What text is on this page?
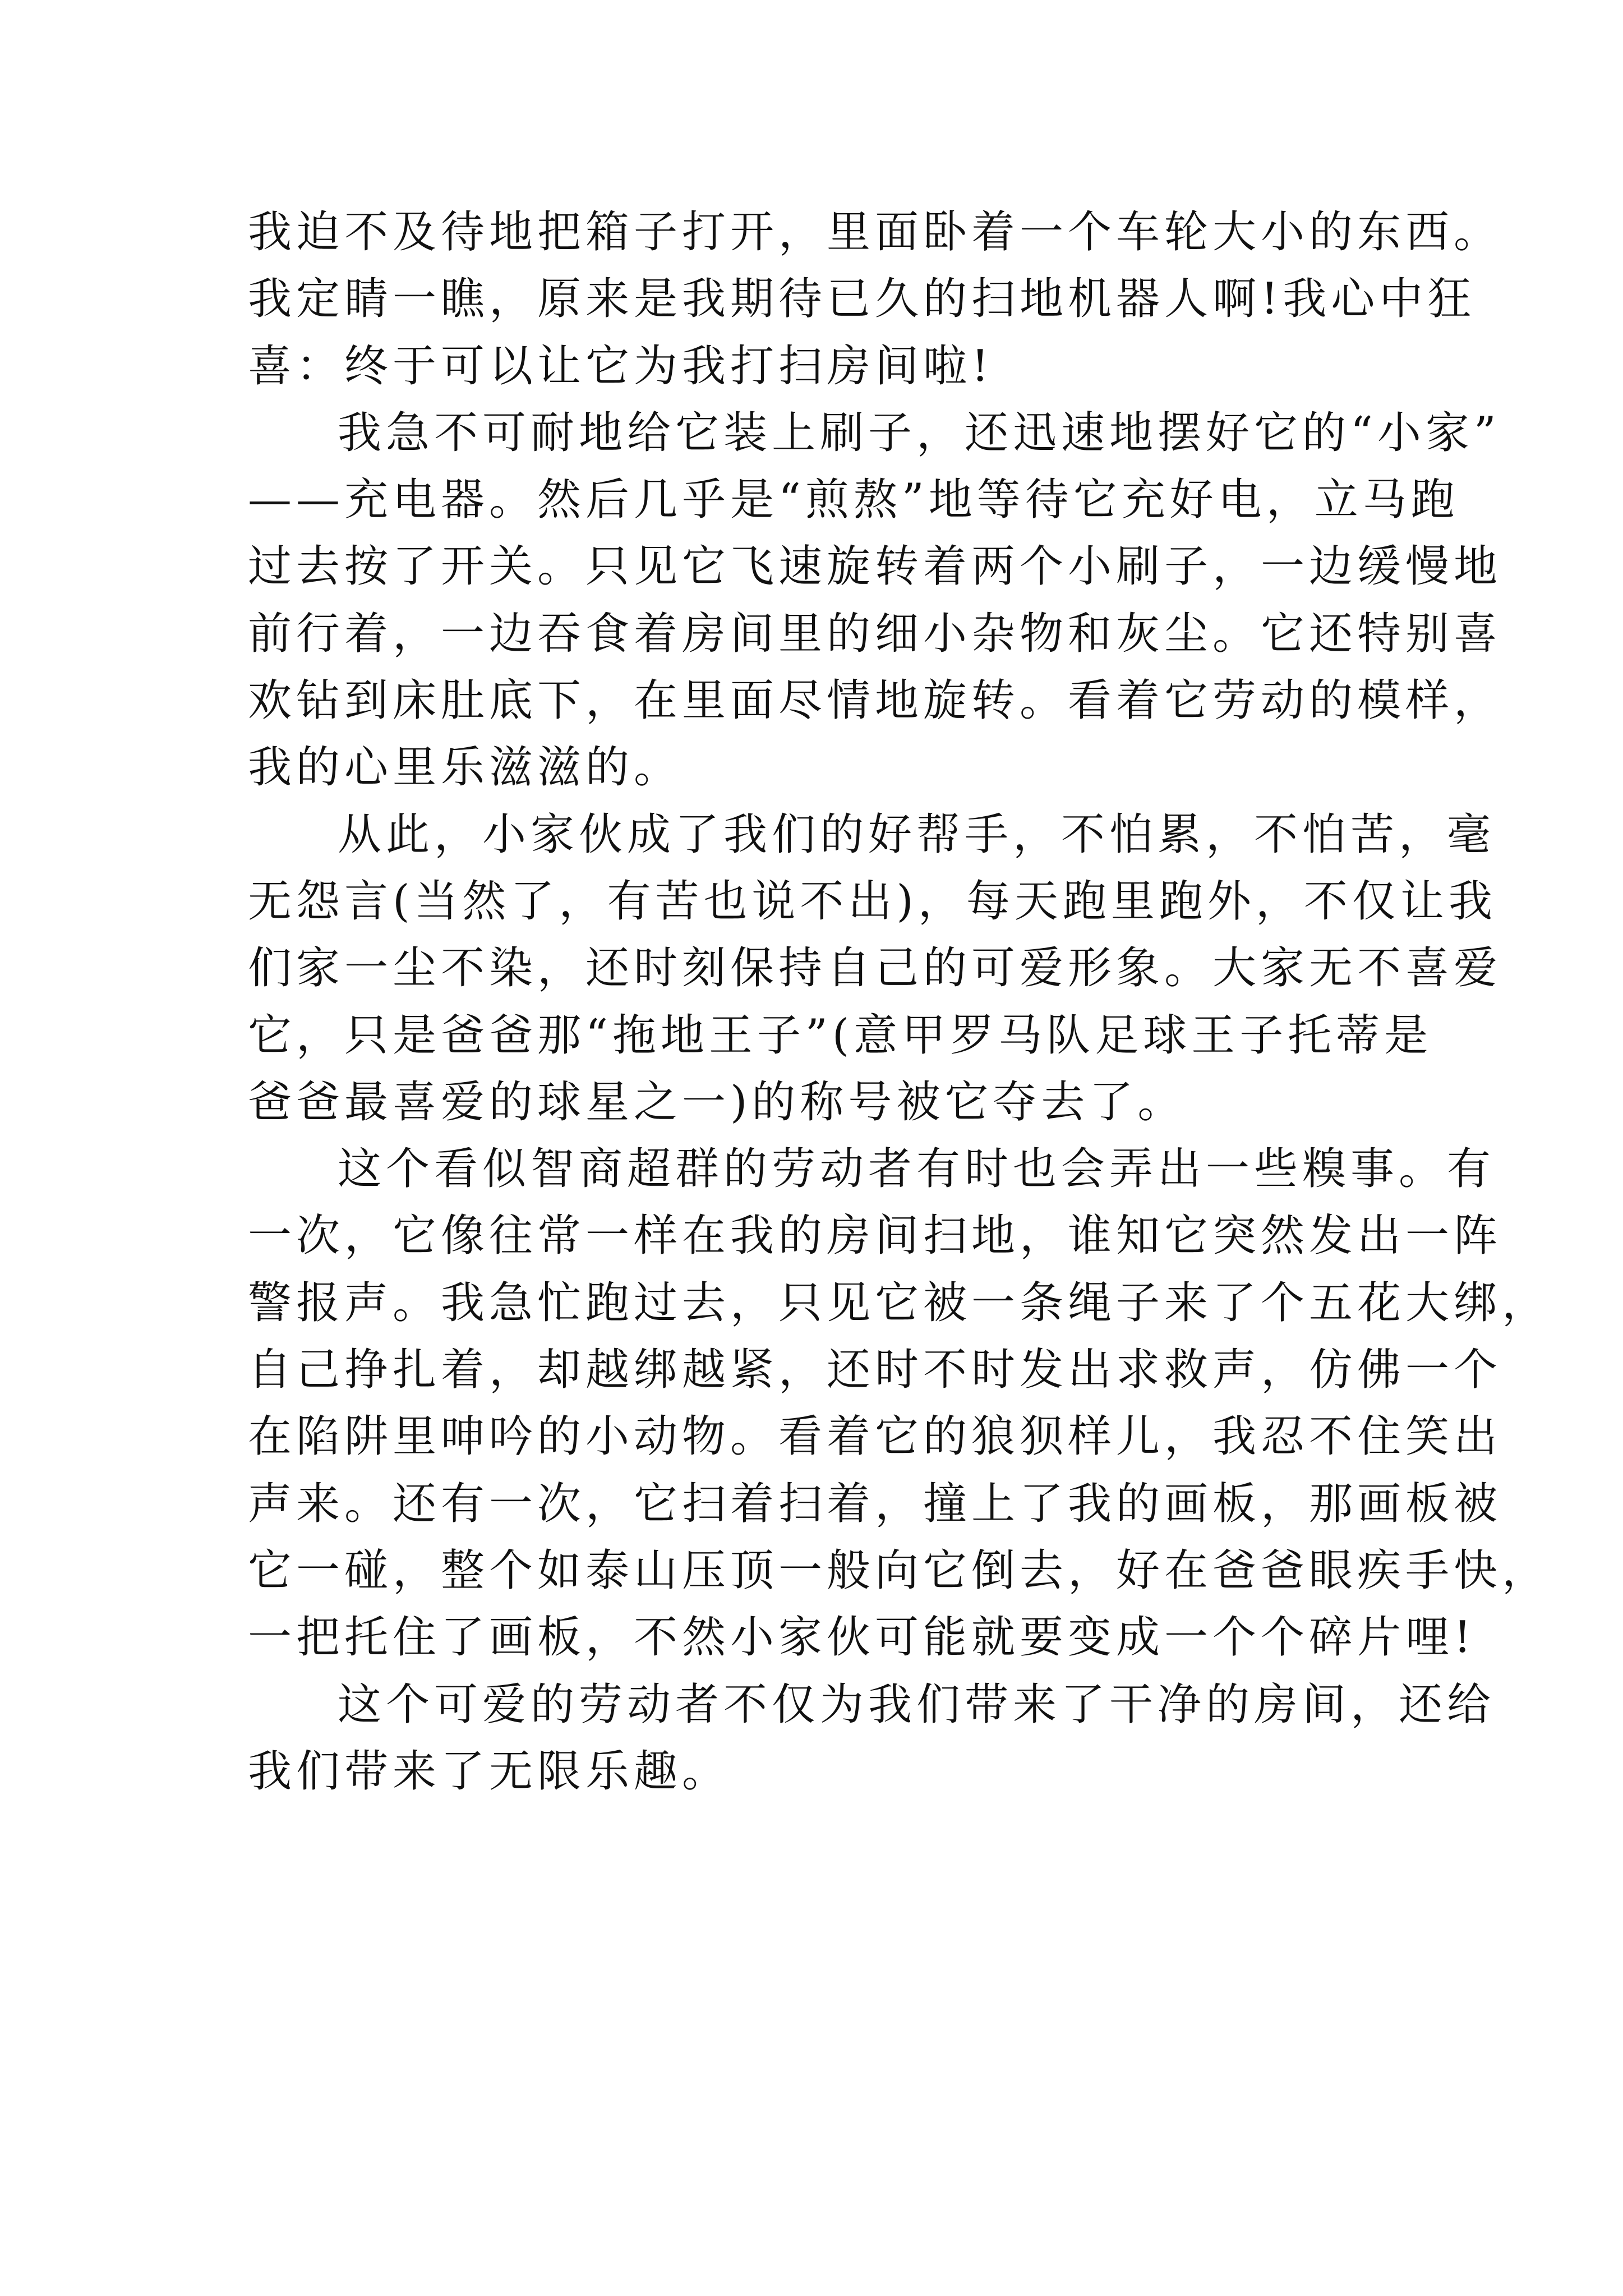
我迫不及待地把箱子打开，里面卧着一个车轮大小的东西。
我定睛一瞧，原来是我期待已久的扫地机器人啊!我心中狂
喜：终于可以让它为我打扫房间啦!
我急不可耐地给它装上刷子，还迅速地摆好它的“小家”
——充电器。然后几乎是“煎熬”地等待它充好电，立马跑
过去按了开关。只见它飞速旋转着两个小刷子，一边缓慢地
前行着，一边吞食着房间里的细小杂物和灰尘。它还特别喜
欢钻到床肚底下，在里面尽情地旋转。看着它劳动的模样，
我的心里乐滋滋的。
从此，小家伙成了我们的好帮手，不怕累，不怕苦，毫
无怨言(当然了，有苦也说不出)，每天跑里跑外，不仅让我
们家一尘不染，还时刻保持自己的可爱形象。大家无不喜爱
它，只是爸爸那“拖地王子”(意甲罗马队足球王子托蒂是
爸爸最喜爱的球星之一)的称号被它夺去了。
这个看似智商超群的劳动者有时也会弄出一些糗事。有
一次，它像往常一样在我的房间扫地，谁知它突然发出一阵
警报声。我急忙跑过去，只见它被一条绳子来了个五花大绑，
自己挣扎着，却越绑越紧，还时不时发出求救声，仿佛一个
在陷阱里呻吟的小动物。看着它的狼狈样儿，我忍不住笑出
声来。还有一次，它扫着扫着，撞上了我的画板，那画板被
它一碰，整个如泰山压顶一般向它倒去，好在爸爸眼疾手快，
一把托住了画板，不然小家伙可能就要变成一个个碎片哩!
这个可爱的劳动者不仅为我们带来了干净的房间，还给
我们带来了无限乐趣。
